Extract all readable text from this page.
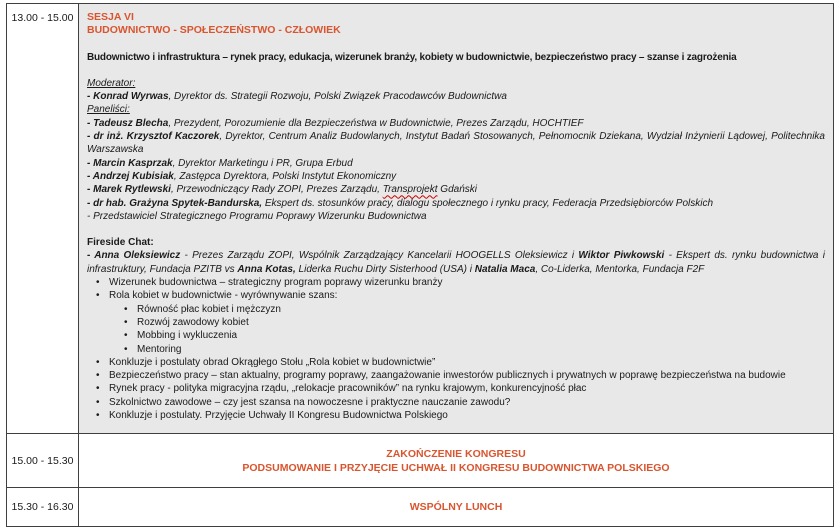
13.00 - 15.00 SESJA VI
BUDOWNICTWO - SPOŁECZEŃSTWO - CZŁOWIEK
Budownictwo i infrastruktura – rynek pracy, edukacja, wizerunek branży, kobiety w budownictwie, bezpieczeństwo pracy – szanse i zagrożenia
Moderator:
- Konrad Wyrwas, Dyrektor ds. Strategii Rozwoju, Polski Związek Pracodawców Budownictwa
Paneliści:
- Tadeusz Blecha, Prezydent, Porozumienie dla Bezpieczeństwa w Budownictwie, Prezes Zarządu, HOCHTIEF
- dr inż. Krzysztof Kaczorek, Dyrektor, Centrum Analiz Budowlanych, Instytut Badań Stosowanych, Pełnomocnik Dziekana, Wydział Inżynierii Lądowej, Politechnika Warszawska
- Marcin Kasprzak, Dyrektor Marketingu i PR, Grupa Erbud
- Andrzej Kubisiak, Zastępca Dyrektora, Polski Instytut Ekonomiczny
- Marek Rytlewski, Przewodniczący Rady ZOPI, Prezes Zarządu, Transprojekt Gdański
- dr hab. Grażyna Spytek-Bandurska, Ekspert ds. stosunków pracy, dialogu społecznego i rynku pracy, Federacja Przedsiębiorców Polskich
- Przedstawiciel Strategicznego Programu Poprawy Wizerunku Budownictwa
Fireside Chat:
- Anna Oleksiewicz - Prezes Zarządu ZOPI, Wspólnik Zarządzający Kancelarii HOOGELLS Oleksiewicz i Wiktor Piwkowski - Ekspert ds. rynku budownictwa i infrastruktury, Fundacja PZITB vs Anna Kotas, Liderka Ruchu Dirty Sisterhood (USA) i Natalia Maca, Co-Liderka, Mentorka, Fundacja F2F
• Wizerunek budownictwa – strategiczny program poprawy wizerunku branży
• Rola kobiet w budownictwie - wyrównywanie szans:
• Równość płac kobiet i mężczyzn
• Rozwój zawodowy kobiet
• Mobbing i wykluczenia
• Mentoring
• Konkluzje i postulaty obrad Okrągłego Stołu „Rola kobiet w budownictwie”
• Bezpieczeństwo pracy – stan aktualny, programy poprawy, zaangażowanie inwestorów publicznych i prywatnych w poprawę bezpieczeństwa na budowie
• Rynek pracy - polityka migracyjna rządu, „relokacje pracowników” na rynku krajowym, konkurencyjność płac
• Szkolnictwo zawodowe – czy jest szansa na nowoczesne i praktyczne nauczanie zawodu?
• Konkluzje i postulaty. Przyjęcie Uchwały II Kongresu Budownictwa Polskiego
15.00 - 15.30
ZAKOŃCZENIE KONGRESU
PODSUMOWANIE I PRZYJĘCIE UCHWAŁ II KONGRESU BUDOWNICTWA POLSKIEGO
15.30 - 16.30	WSPÓLNY LUNCH
